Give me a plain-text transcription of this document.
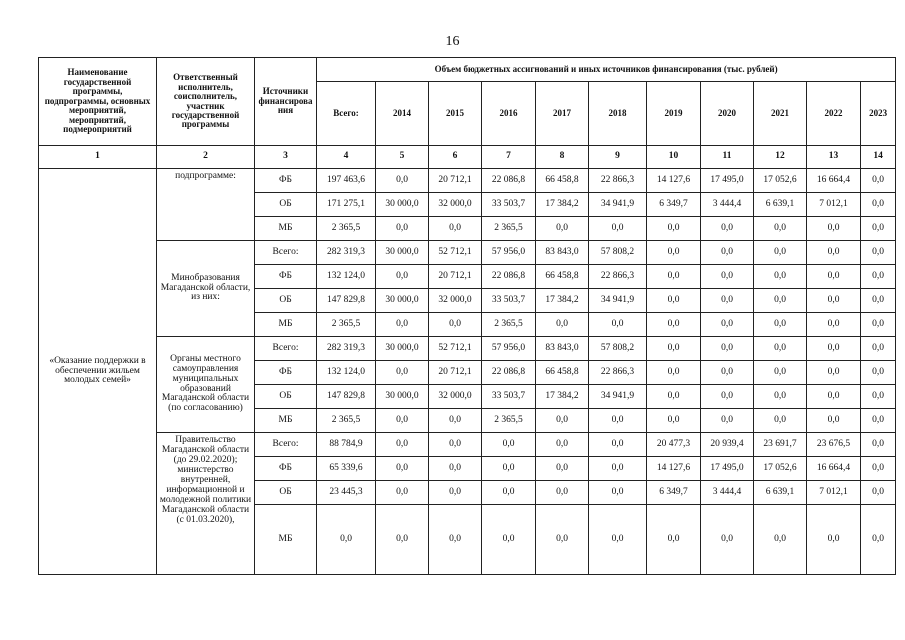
16
Наименование государственной программы, подпрограммы, основных мероприятий, мероприятий, подмероприятий	Ответственный исполнитель, соисполнитель, участник государственной программы	Источники финансирова ния	Объем бюджетных ассигнований и иных источников финансирования (тыс. рублей)										
			Всего:	2014	2015	2016	2017	2018	2019	2020	2021	2022	2023
1	2	3	4	5	6	7	8	9	10	11	12	13	14
«Оказание поддержки в обеспечении жильем молодых семей»	подпрограмме:	ФБ	197 463,6	0,0	20 712,1	22 086,8	66 458,8	22 866,3	14 127,6	17 495,0	17 052,6	16 664,4	0,0
		ОБ	171 275,1	30 000,0	32 000,0	33 503,7	17 384,2	34 941,9	6 349,7	3 444,4	6 639,1	7 012,1	0,0
		МБ	2 365,5	0,0	0,0	2 365,5	0,0	0,0	0,0	0,0	0,0	0,0	0,0
	Минобразования Магаданской области, из них:	Всего:	282 319,3	30 000,0	52 712,1	57 956,0	83 843,0	57 808,2	0,0	0,0	0,0	0,0	0,0
		ФБ	132 124,0	0,0	20 712,1	22 086,8	66 458,8	22 866,3	0,0	0,0	0,0	0,0	0,0
		ОБ	147 829,8	30 000,0	32 000,0	33 503,7	17 384,2	34 941,9	0,0	0,0	0,0	0,0	0,0
		МБ	2 365,5	0,0	0,0	2 365,5	0,0	0,0	0,0	0,0	0,0	0,0	0,0
	Органы местного самоуправления муниципальных образований Магаданской области (по согласованию)	Всего:	282 319,3	30 000,0	52 712,1	57 956,0	83 843,0	57 808,2	0,0	0,0	0,0	0,0	0,0
		ФБ	132 124,0	0,0	20 712,1	22 086,8	66 458,8	22 866,3	0,0	0,0	0,0	0,0	0,0
		ОБ	147 829,8	30 000,0	32 000,0	33 503,7	17 384,2	34 941,9	0,0	0,0	0,0	0,0	0,0
		МБ	2 365,5	0,0	0,0	2 365,5	0,0	0,0	0,0	0,0	0,0	0,0	0,0
	Правительство Магаданской области (до 29.02.2020); министерство внутренней, информационной и молодежной политики Магаданской области (с 01.03.2020),	Всего:	88 784,9	0,0	0,0	0,0	0,0	0,0	20 477,3	20 939,4	23 691,7	23 676,5	0,0
		ФБ	65 339,6	0,0	0,0	0,0	0,0	0,0	14 127,6	17 495,0	17 052,6	16 664,4	0,0
		ОБ	23 445,3	0,0	0,0	0,0	0,0	0,0	6 349,7	3 444,4	6 639,1	7 012,1	0,0
		МБ	0,0	0,0	0,0	0,0	0,0	0,0	0,0	0,0	0,0	0,0	0,0
